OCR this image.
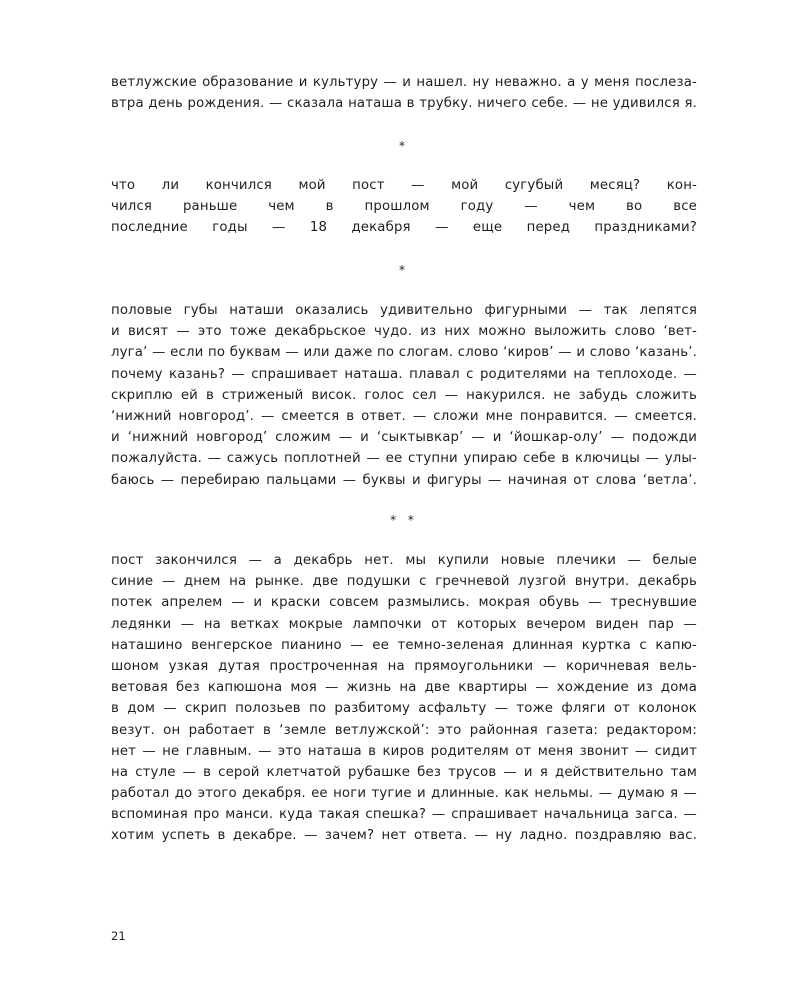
ветлужские образование и культуру — и нашел. ну неважно. а у меня послеза-
втра день рождения. — сказала наташа в трубку. ничего себе. — не удивился я.
*
что ли кончился мой пост — мой сугубый месяц? кон-
чился раньше чем в прошлом году — чем во все
последние годы — 18 декабря — еще перед праздниками?
*
половые губы наташи оказались удивительно фигурными — так лепятся
и висят — это тоже декабрьское чудо. из них можно выложить слово ‘вет-
луга’ — если по буквам — или даже по слогам. слово ‘киров’ — и слово ‘казань’.
почему казань? — спрашивает наташа. плавал с родителями на теплоходе. —
скриплю ей в стриженый висок. голос сел — накурился. не забудь сложить
‘нижний новгород’. — смеется в ответ. — сложи мне понравится. — смеется.
и ‘нижний новгород’ сложим — и ‘сыктывкар’ — и ‘йошкар-олу’ — подожди
пожалуйста. — сажусь поплотней — ее ступни упираю себе в ключицы — улы-
баюсь — перебираю пальцами — буквы и фигуры — начиная от слова ‘ветла’.
* *
пост закончился — а декабрь нет. мы купили новые плечики — белые
синие — днем на рынке. две подушки с гречневой лузгой внутри. декабрь
потек апрелем — и краски совсем размылись. мокрая обувь — треснувшие
ледянки — на ветках мокрые лампочки от которых вечером виден пар —
наташино венгерское пианино — ее темно-зеленая длинная куртка с капю-
шоном узкая дутая простроченная на прямоугольники — коричневая вель-
ветовая без капюшона моя — жизнь на две квартиры — хождение из дома
в дом — скрип полозьев по разбитому асфальту — тоже фляги от колонок
везут. он работает в ‘земле ветлужской’: это районная газета: редактором:
нет — не главным. — это наташа в киров родителям от меня звонит — сидит
на стуле — в серой клетчатой рубашке без трусов — и я действительно там
работал до этого декабря. ее ноги тугие и длинные. как нельмы. — думаю я —
вспоминая про манси. куда такая спешка? — спрашивает начальница загса. —
хотим успеть в декабре. — зачем? нет ответа. — ну ладно. поздравляю вас.
21
